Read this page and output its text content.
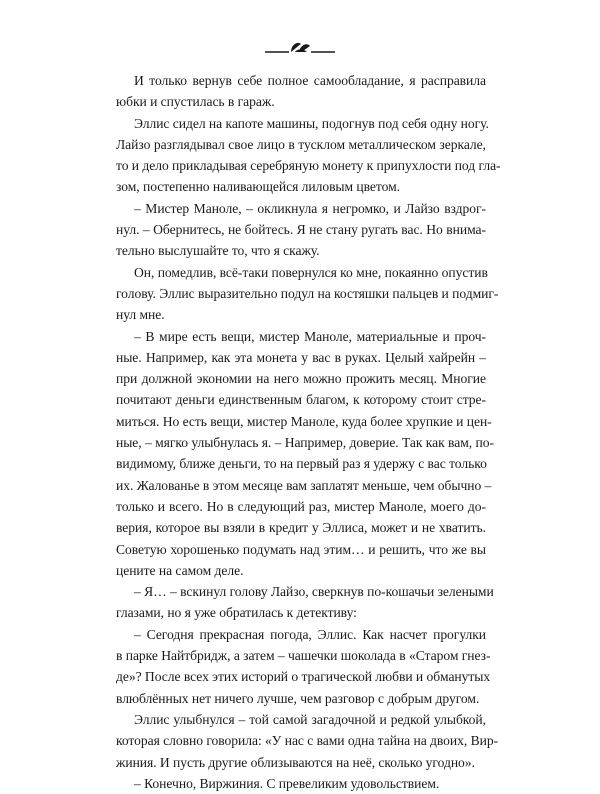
И только вернув себе полное самообладание, я расправила
юбки и спустилась в гараж.
Эллис сидел на капоте машины, подогнув под себя одну ногу.
Лайзо разглядывал свое лицо в тусклом металлическом зеркале,
то и дело прикладывая серебряную монету к припухлости под гла-
зом, постепенно наливающейся лиловым цветом.
– Мистер Маноле, – окликнула я негромко, и Лайзо вздрог-
нул. – Обернитесь, не бойтесь. Я не стану ругать вас. Но внима-
тельно выслушайте то, что я скажу.
Он, помедлив, всё-таки повернулся ко мне, покаянно опустив
голову. Эллис выразительно подул на костяшки пальцев и подмиг-
нул мне.
– В мире есть вещи, мистер Маноле, материальные и проч-
ные. Например, как эта монета у вас в руках. Целый хайрейн –
при должной экономии на него можно прожить месяц. Многие
почитают деньги единственным благом, к которому стоит стре-
миться. Но есть вещи, мистер Маноле, куда более хрупкие и цен-
ные, – мягко улыбнулась я. – Например, доверие. Так как вам, по-
видимому, ближе деньги, то на первый раз я удержу с вас только
их. Жалованье в этом месяце вам заплатят меньше, чем обычно –
только и всего. Но в следующий раз, мистер Маноле, моего до-
верия, которое вы взяли в кредит у Эллиса, может и не хватить.
Советую хорошенько подумать над этим… и решить, что же вы
цените на самом деле.
– Я… – вскинул голову Лайзо, сверкнув по-кошачьи зелеными
глазами, но я уже обратилась к детективу:
– Сегодня прекрасная погода, Эллис. Как насчет прогулки
в парке Найтбридж, а затем – чашечки шоколада в «Старом гнез-
де»? После всех этих историй о трагической любви и обманутых
влюблённых нет ничего лучше, чем разговор с добрым другом.
Эллис улыбнулся – той самой загадочной и редкой улыбкой,
которая словно говорила: «У нас с вами одна тайна на двоих, Вир-
жиния. И пусть другие облизываются на неё, сколько угодно».
– Конечно, Виржиния. С превеликим удовольствием.
